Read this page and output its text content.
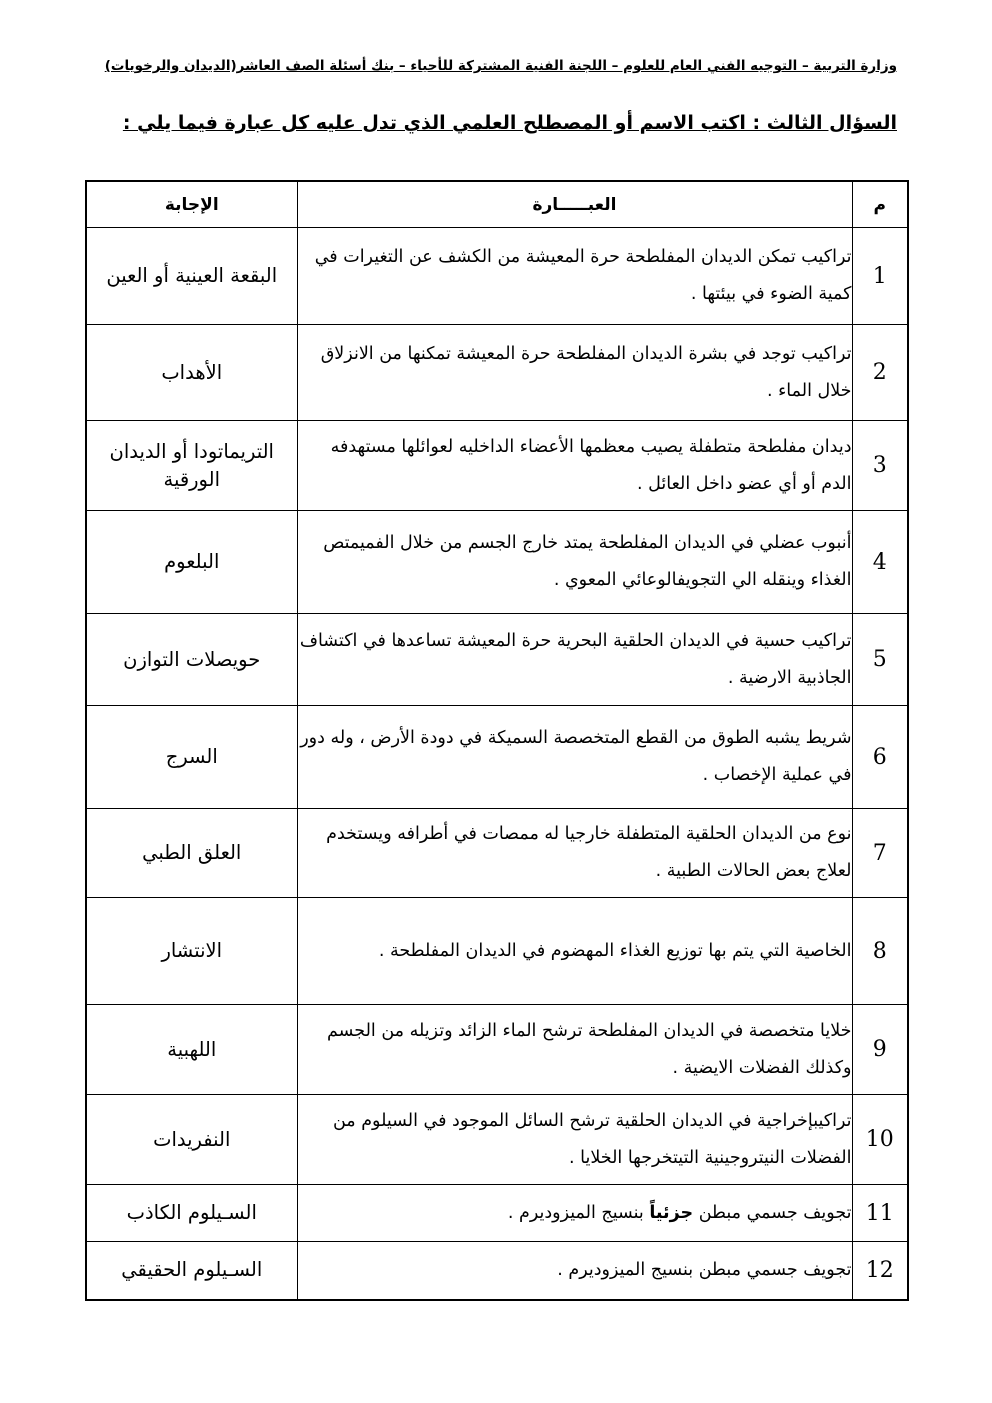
وزارة التربية – التوجيه الفني العام للعلوم – اللجنة الفنية المشتركة للأحياء – بنك أسئلة الصف العاشر(الديدان والرخويات)
السؤال الثالث : اكتب الاسم أو المصطلح العلمي الذي تدل عليه كل عبارة فيما يلي :
م	العبـــــارة	الإجابة
1	تراكيب تمكن الديدان المفلطحة حرة المعيشة من الكشف عن التغيرات في كمية الضوء في بيئتها .	البقعة العينية أو العين
2	تراكيب توجد في بشرة الديدان المفلطحة حرة المعيشة تمكنها من الانزلاق خلال الماء .	الأهداب
3	ديدان مفلطحة متطفلة يصيب معظمها الأعضاء الداخليه لعوائلها مستهدفه الدم أو أي عضو داخل العائل .	التريماتودا أو الديدان الورقية
4	أنبوب عضلي في الديدان المفلطحة يمتد خارج الجسم من خلال الفميمتص الغذاء وينقله الي التجويفالوعائي المعوي .	البلعوم
5	تراكيب حسية في الديدان الحلقية البحرية حرة المعيشة تساعدها في اكتشاف الجاذبية الارضية .	حويصلات التوازن
6	شريط يشبه الطوق من القطع المتخصصة السميكة في دودة الأرض ، وله دور في عملية الإخصاب .	السرج
7	نوع من الديدان الحلقية المتطفلة خارجيا له ممصات في أطرافه ويستخدم لعلاج بعض الحالات الطبية .	العلق الطبي
8	الخاصية التي يتم بها توزيع الغذاء المهضوم في الديدان المفلطحة .	الانتشار
9	خلايا متخصصة في الديدان المفلطحة ترشح الماء الزائد وتزيله من الجسم وكذلك الفضلات الايضية .	اللهبية
10	تراكيبإخراجية في الديدان الحلقية ترشح السائل الموجود في السيلوم من الفضلات النيتروجينية التيتخرجها الخلايا .	النفريدات
11	تجويف جسمي مبطن جزئياً بنسيج الميزوديرم .	السـيلوم الكاذب
12	تجويف جسمي مبطن بنسيج الميزوديرم .	السـيلوم الحقيقي
